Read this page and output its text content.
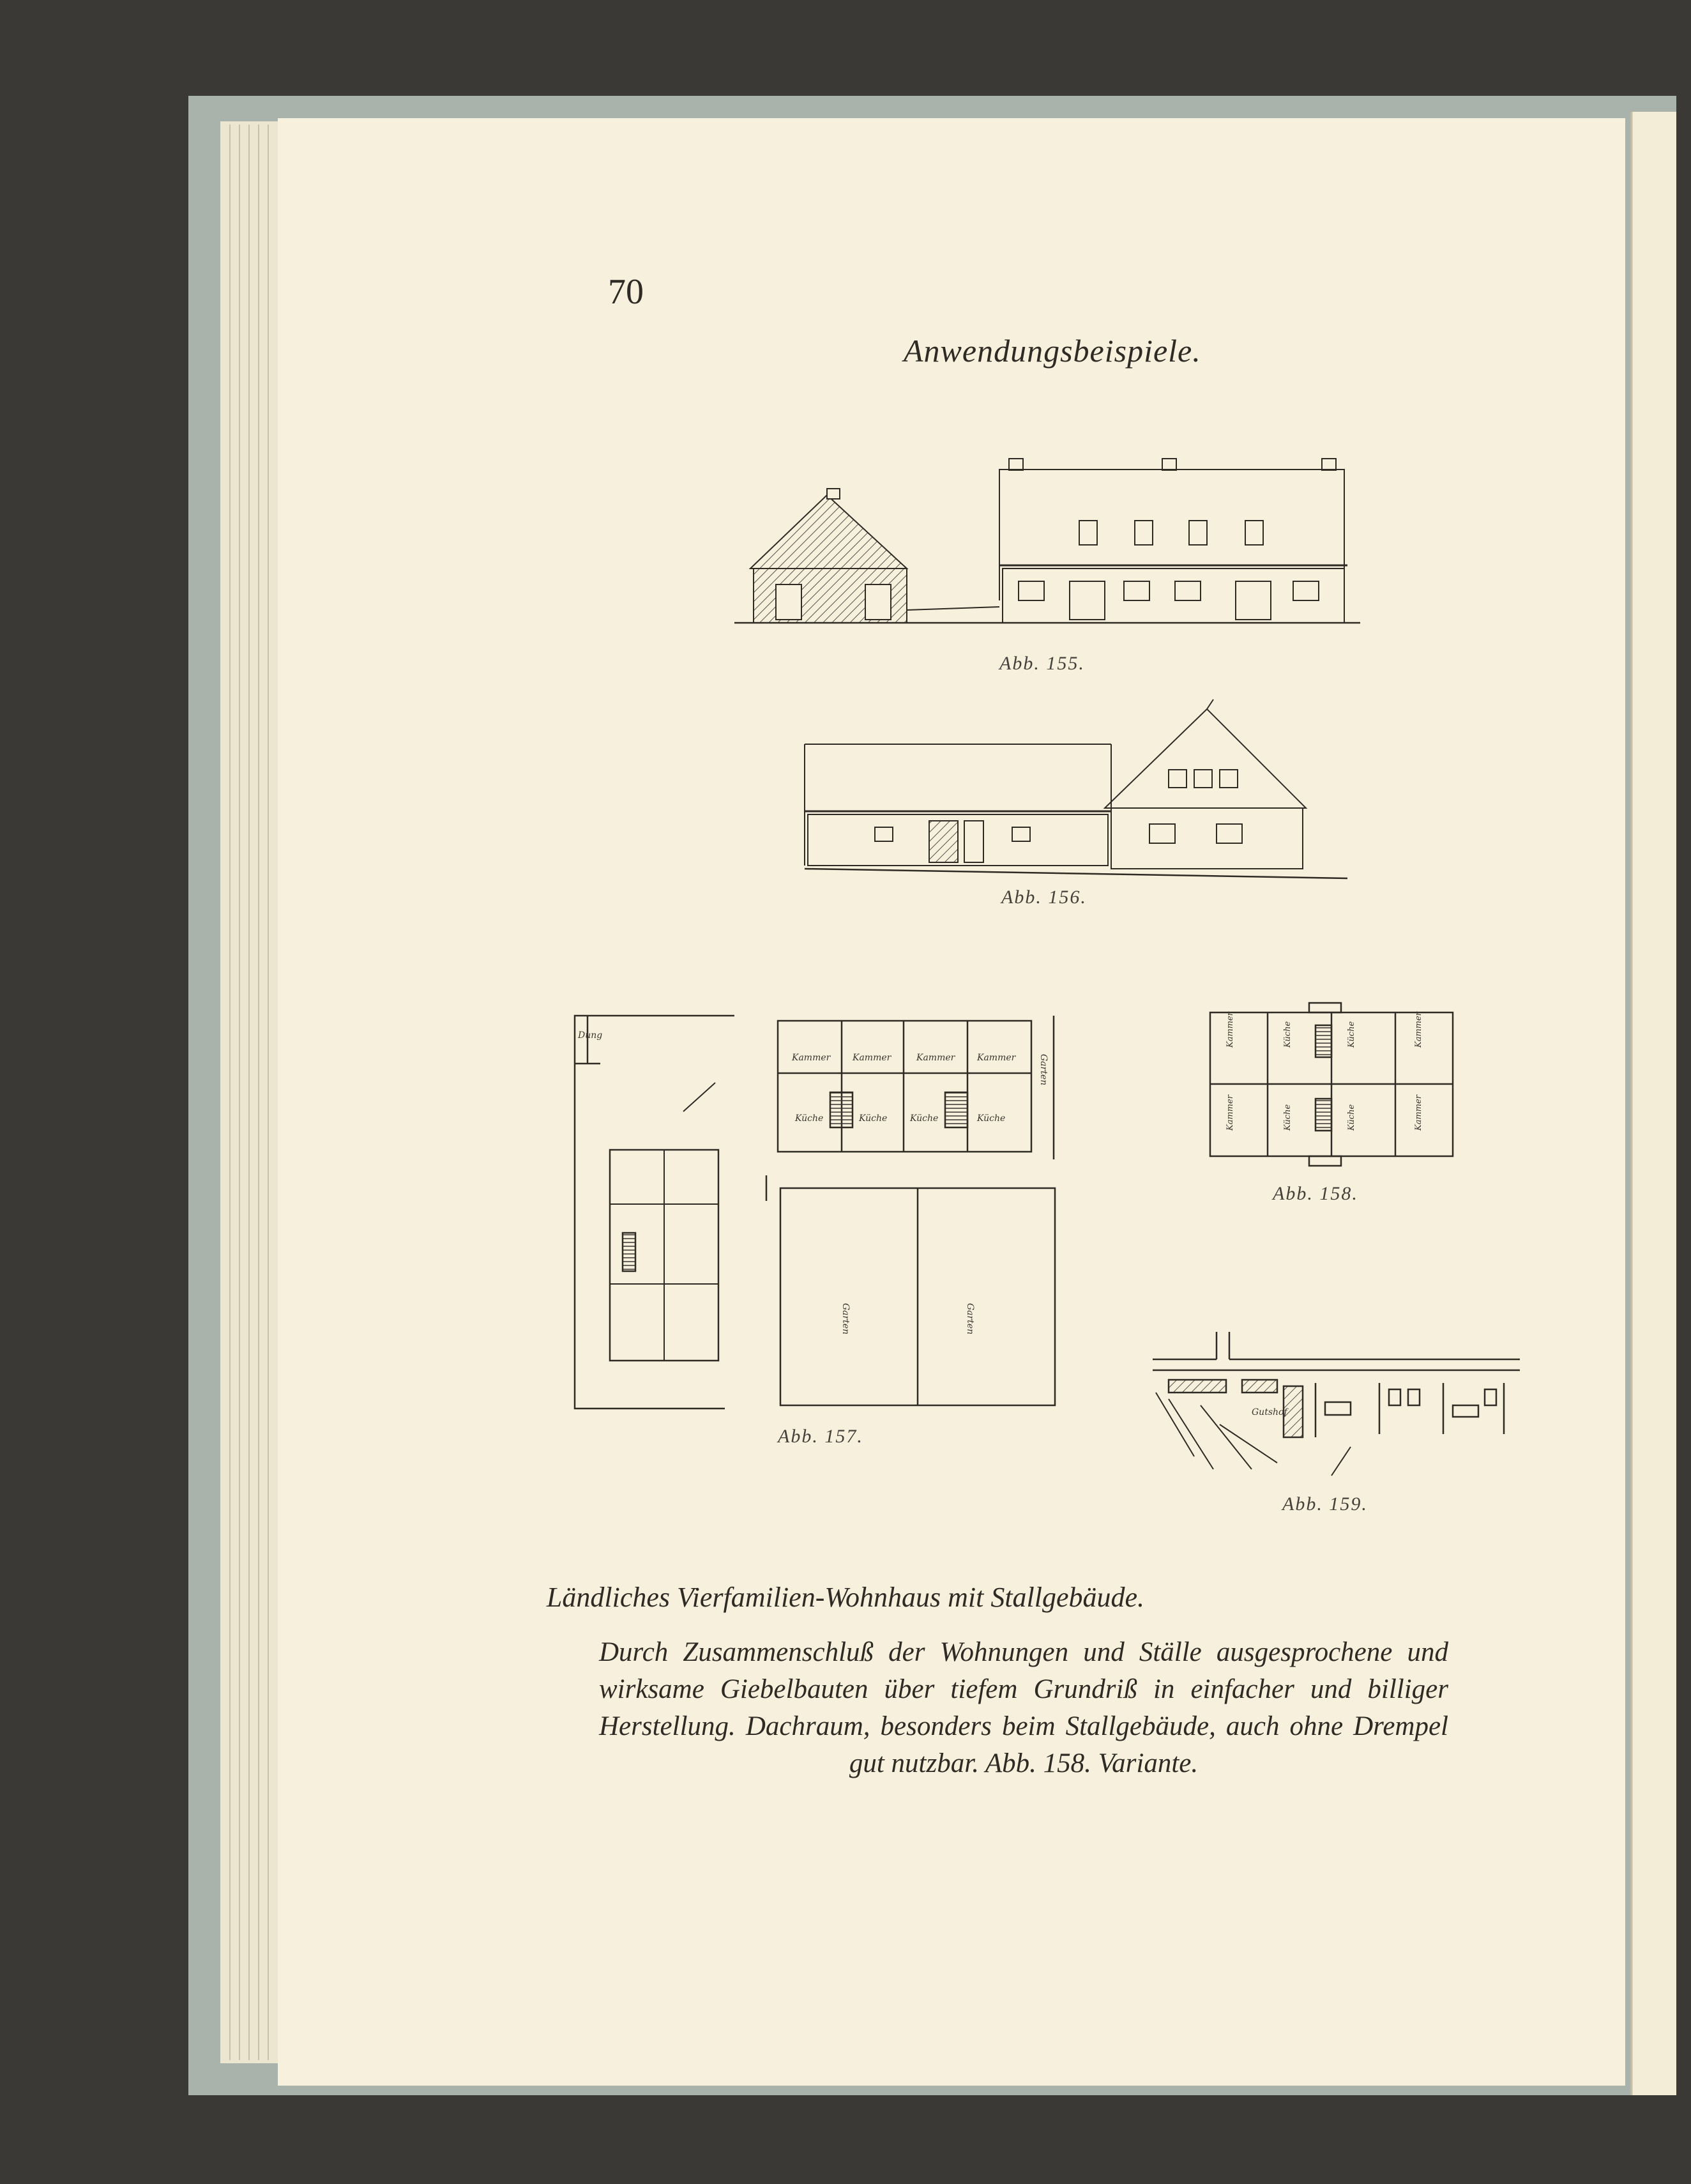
Dung
Kammer Kammer	Kammer Kammer
Küche	Küche	Küche	Küche
Garten	Garten
Garten
Kammer	Küche	Küche	Kammer
Kammer	Küche	Küche	Kammer
Gutshof
70
Anwendungsbeispiele.
Abb. 155.
Abb. 156.
Abb. 157.
Abb. 158.
Abb. 159.
Ländliches Vierfamilien-Wohnhaus mit Stallgebäude.
Durch Zusammenschluß der Wohnungen und Ställe ausgesprochene und wirksame Giebelbauten über tiefem Grundriß in einfacher und billiger Herstellung. Dachraum, besonders beim Stallgebäude, auch ohne Drempel gut nutzbar. Abb. 158. Variante.
